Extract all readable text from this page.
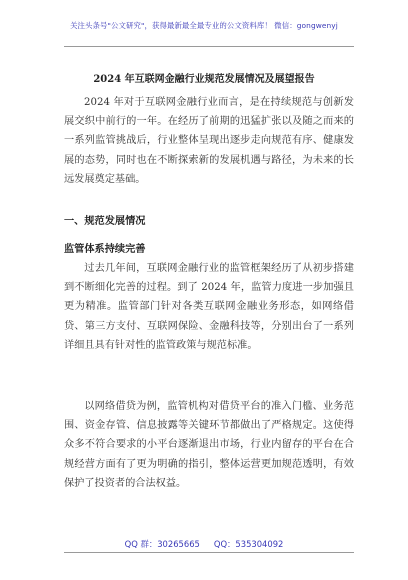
关注头条号"公文研究"，获得最新最全最专业的公文资料库！ 微信：gongwenyj
2024 年互联网金融行业规范发展情况及展望报告
2024 年对于互联网金融行业而言，是在持续规范与创新发展交织中前行的一年。在经历了前期的迅猛扩张以及随之而来的一系列监管挑战后，行业整体呈现出逐步走向规范有序、健康发展的态势，同时也在不断探索新的发展机遇与路径，为未来的长远发展奠定基础。
一、规范发展情况
监管体系持续完善
过去几年间，互联网金融行业的监管框架经历了从初步搭建到不断细化完善的过程。到了 2024 年，监管力度进一步加强且更为精准。监管部门针对各类互联网金融业务形态，如网络借贷、第三方支付、互联网保险、金融科技等，分别出台了一系列详细且具有针对性的监管政策与规范标准。
以网络借贷为例，监管机构对借贷平台的准入门槛、业务范围、资金存管、信息披露等关键环节都做出了严格规定。这使得众多不符合要求的小平台逐渐退出市场，行业内留存的平台在合规经营方面有了更为明确的指引，整体运营更加规范透明，有效保护了投资者的合法权益。
QQ 群：30265665 QQ：535304092
